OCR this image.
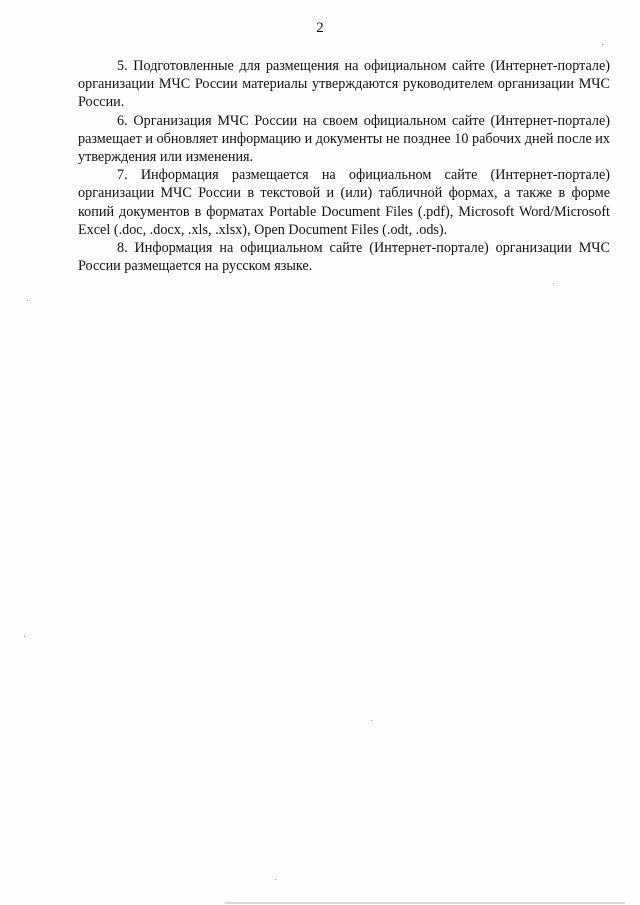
2

5. Подготовленные для размещения на официальном сайте (Интернет-портале) организации МЧС России материалы утверждаются руководителем организации МЧС России.

6. Организация МЧС России на своем официальном сайте (Интернет-портале) размещает и обновляет информацию и документы не позднее 10 рабочих дней после их утверждения или изменения.

7. Информация размещается на официальном сайте (Интернет-портале) организации МЧС России в текстовой и (или) табличной формах, а также в форме копий документов в форматах Portable Document Files (.pdf), Microsoft Word/Microsoft Excel (.doc, .docx, .xls, .xlsx), Open Document Files (.odt, .ods).

8. Информация на официальном сайте (Интернет-портале) организации МЧС России размещается на русском языке.
